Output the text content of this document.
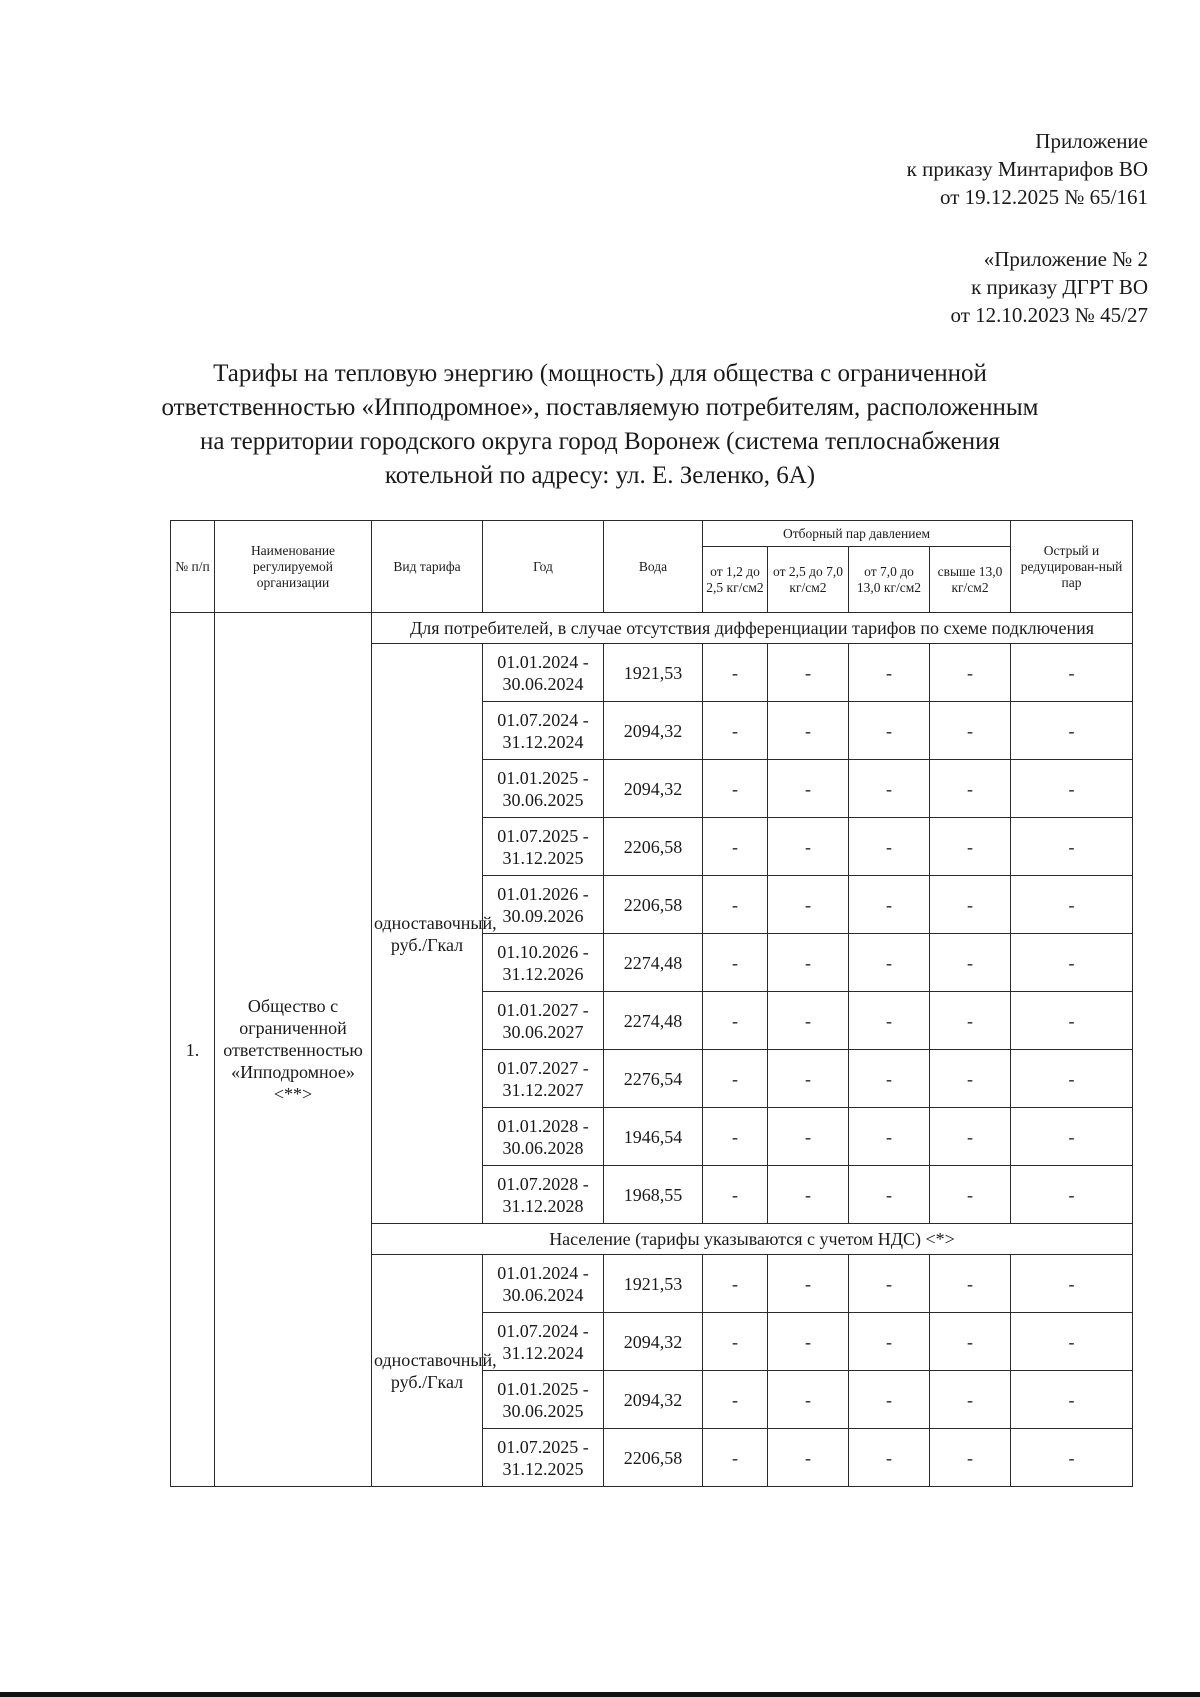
Приложение
к приказу Минтарифов ВО
от 19.12.2025 № 65/161
«Приложение № 2
к приказу ДГРТ ВО
от 12.10.2023 № 45/27
Тарифы на тепловую энергию (мощность) для общества с ограниченной ответственностью «Ипподромное», поставляемую потребителям, расположенным на территории городского округа город Воронеж (система теплоснабжения котельной по адресу: ул. Е. Зеленко, 6А)
№ п/п	Наименование регулируемой организации	Вид тарифа	Год	Вода	Отборный пар давлением				Острый и редуцирован-ный пар
					от 1,2 до 2,5 кг/см2	от 2,5 до 7,0 кг/см2	от 7,0 до 13,0 кг/см2	свыше 13,0 кг/см2	
1.	Общество с ограниченной ответственностью «Ипподромное» <**>	Для потребителей, в случае отсутствия дифференциации тарифов по схеме подключения							
		одноставочный, руб./Гкал	01.01.2024 - 30.06.2024	1921,53	-	-	-	-	-
			01.07.2024 - 31.12.2024	2094,32	-	-	-	-	-
			01.01.2025 - 30.06.2025	2094,32	-	-	-	-	-
			01.07.2025 - 31.12.2025	2206,58	-	-	-	-	-
			01.01.2026 - 30.09.2026	2206,58	-	-	-	-	-
			01.10.2026 - 31.12.2026	2274,48	-	-	-	-	-
			01.01.2027 - 30.06.2027	2274,48	-	-	-	-	-
			01.07.2027 - 31.12.2027	2276,54	-	-	-	-	-
			01.01.2028 - 30.06.2028	1946,54	-	-	-	-	-
			01.07.2028 - 31.12.2028	1968,55	-	-	-	-	-
		Население (тарифы указываются с учетом НДС) <*>							
		одноставочный, руб./Гкал	01.01.2024 - 30.06.2024	1921,53	-	-	-	-	-
			01.07.2024 - 31.12.2024	2094,32	-	-	-	-	-
			01.01.2025 - 30.06.2025	2094,32	-	-	-	-	-
			01.07.2025 - 31.12.2025	2206,58	-	-	-	-	-
